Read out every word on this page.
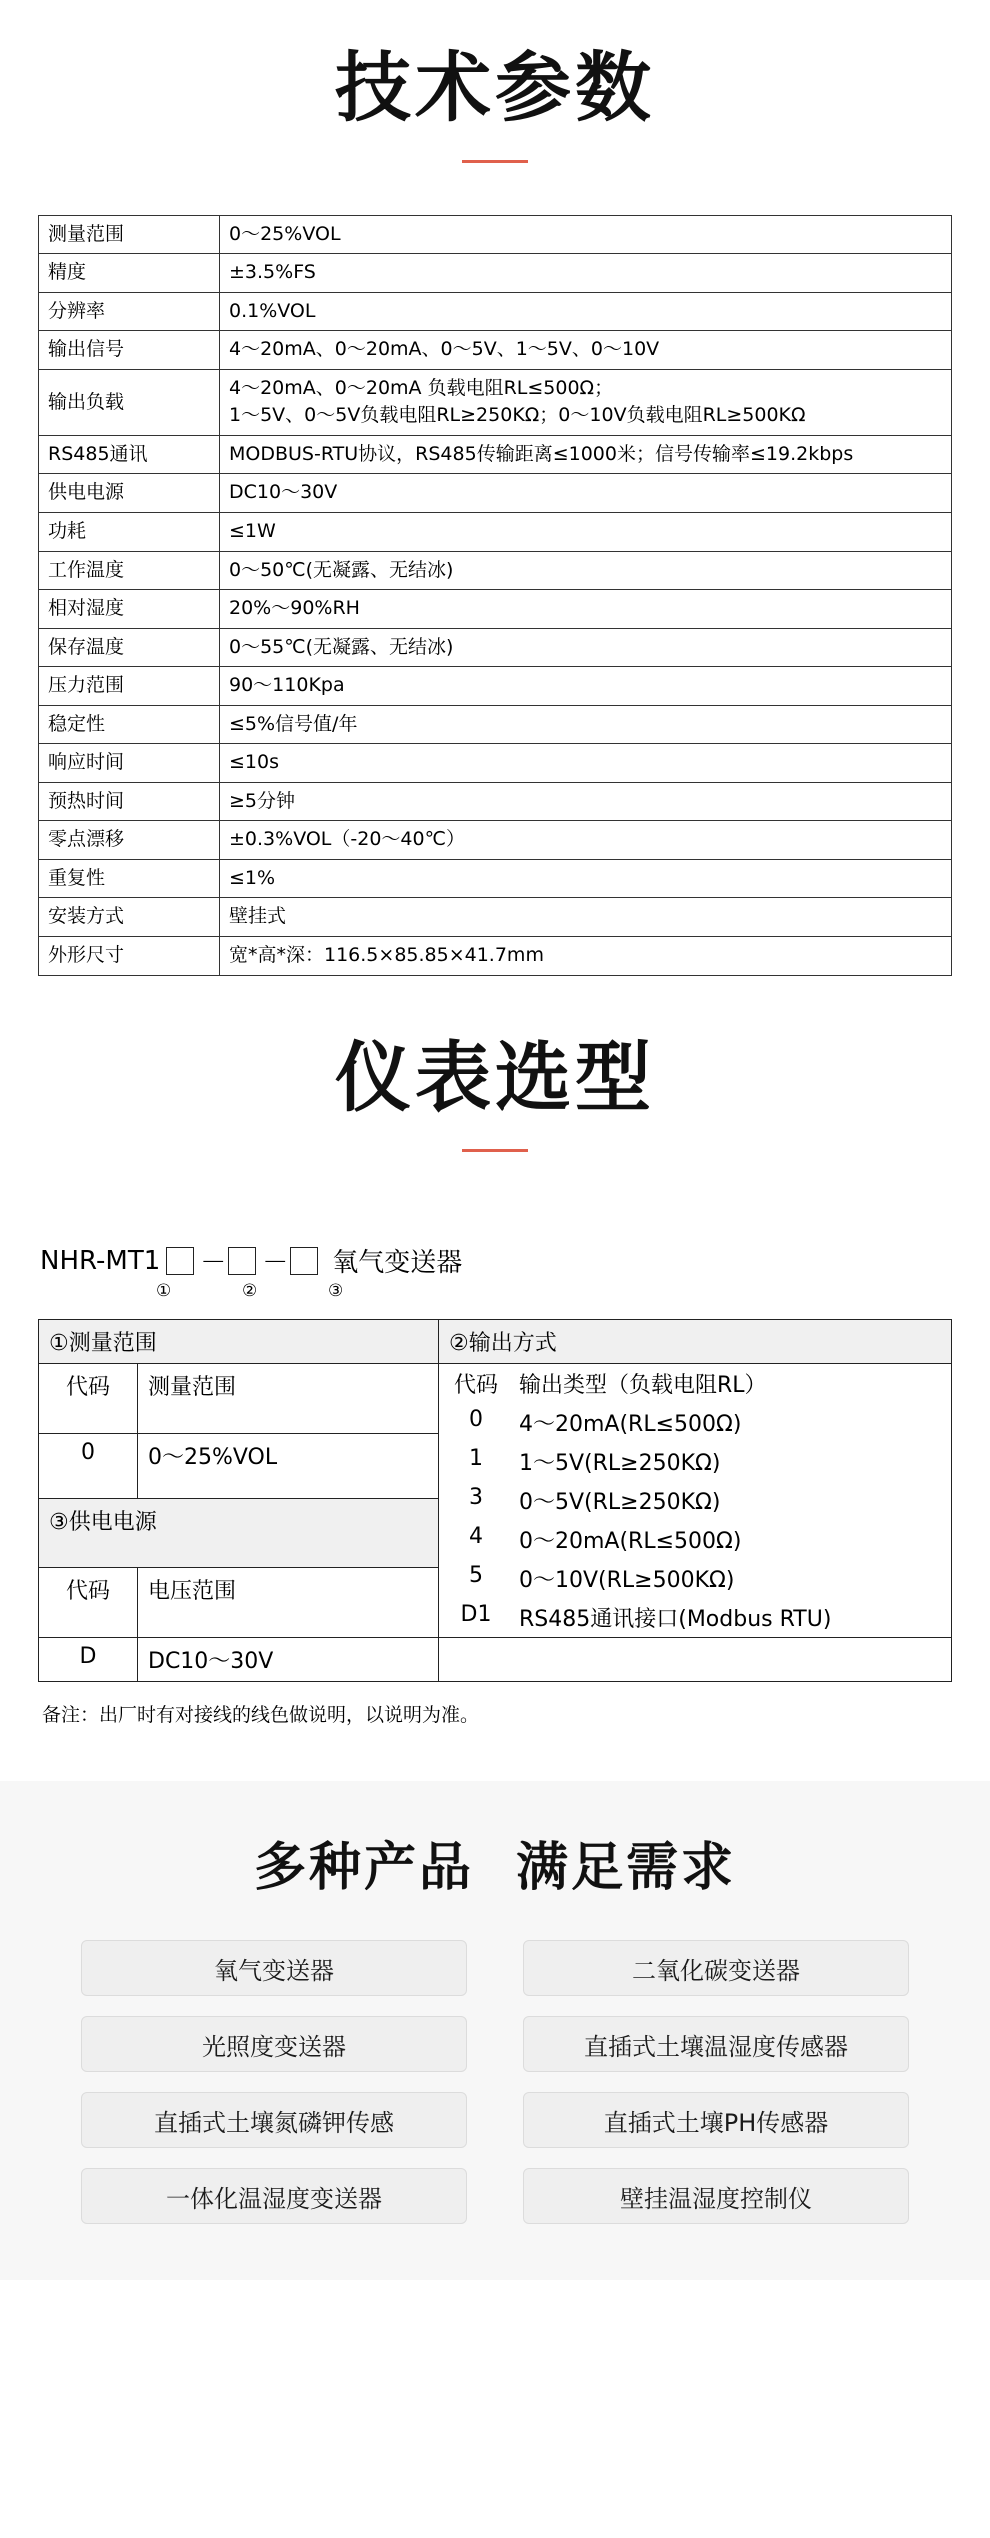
技术参数
测量范围	0～25%VOL
精度	±3.5%FS
分辨率	0.1%VOL
输出信号	4～20mA、0～20mA、0～5V、1～5V、0～10V
输出负载	4～20mA、0～20mA 负载电阻RL≤500Ω；
1～5V、0～5V负载电阻RL≥250KΩ；0～10V负载电阻RL≥500KΩ

RS485通讯	MODBUS-RTU协议，RS485传输距离≤1000米；信号传输率≤19.2kbps
供电电源	DC10～30V
功耗	≤1W
工作温度	0～50℃(无凝露、无结冰)
相对湿度	20%～90%RH
保存温度	0～55℃(无凝露、无结冰)
压力范围	90～110Kpa
稳定性	≤5%信号值/年
响应时间	≤10s
预热时间	≥5分钟
零点漂移	±0.3%VOL（-20～40℃）
重复性	≤1%
安装方式	壁挂式
外形尺寸	宽*高*深：116.5×85.85×41.7mm
仪表选型
NHR-MT1 － － 氧气变送器
①	②	③
①测量范围	②输出方式
代码	测量范围		代码	输出类型（负载电阻RL）
0	4～20mA(RL≤500Ω)
1	1～5V(RL≥250KΩ)
3	0～5V(RL≥250KΩ)
4	0～20mA(RL≤500Ω)
5	0～10V(RL≥500KΩ)
D1	RS485通讯接口(Modbus RTU)

0	0～25%VOL
③供电电源
代码	电压范围
D	DC10～30V	
备注：出厂时有对接线的线色做说明，以说明为准。
多种产品 满足需求
氧气变送器	二氧化碳变送器
光照度变送器	直插式土壤温湿度传感器
直插式土壤氮磷钾传感	直插式土壤PH传感器
一体化温湿度变送器	壁挂温湿度控制仪
